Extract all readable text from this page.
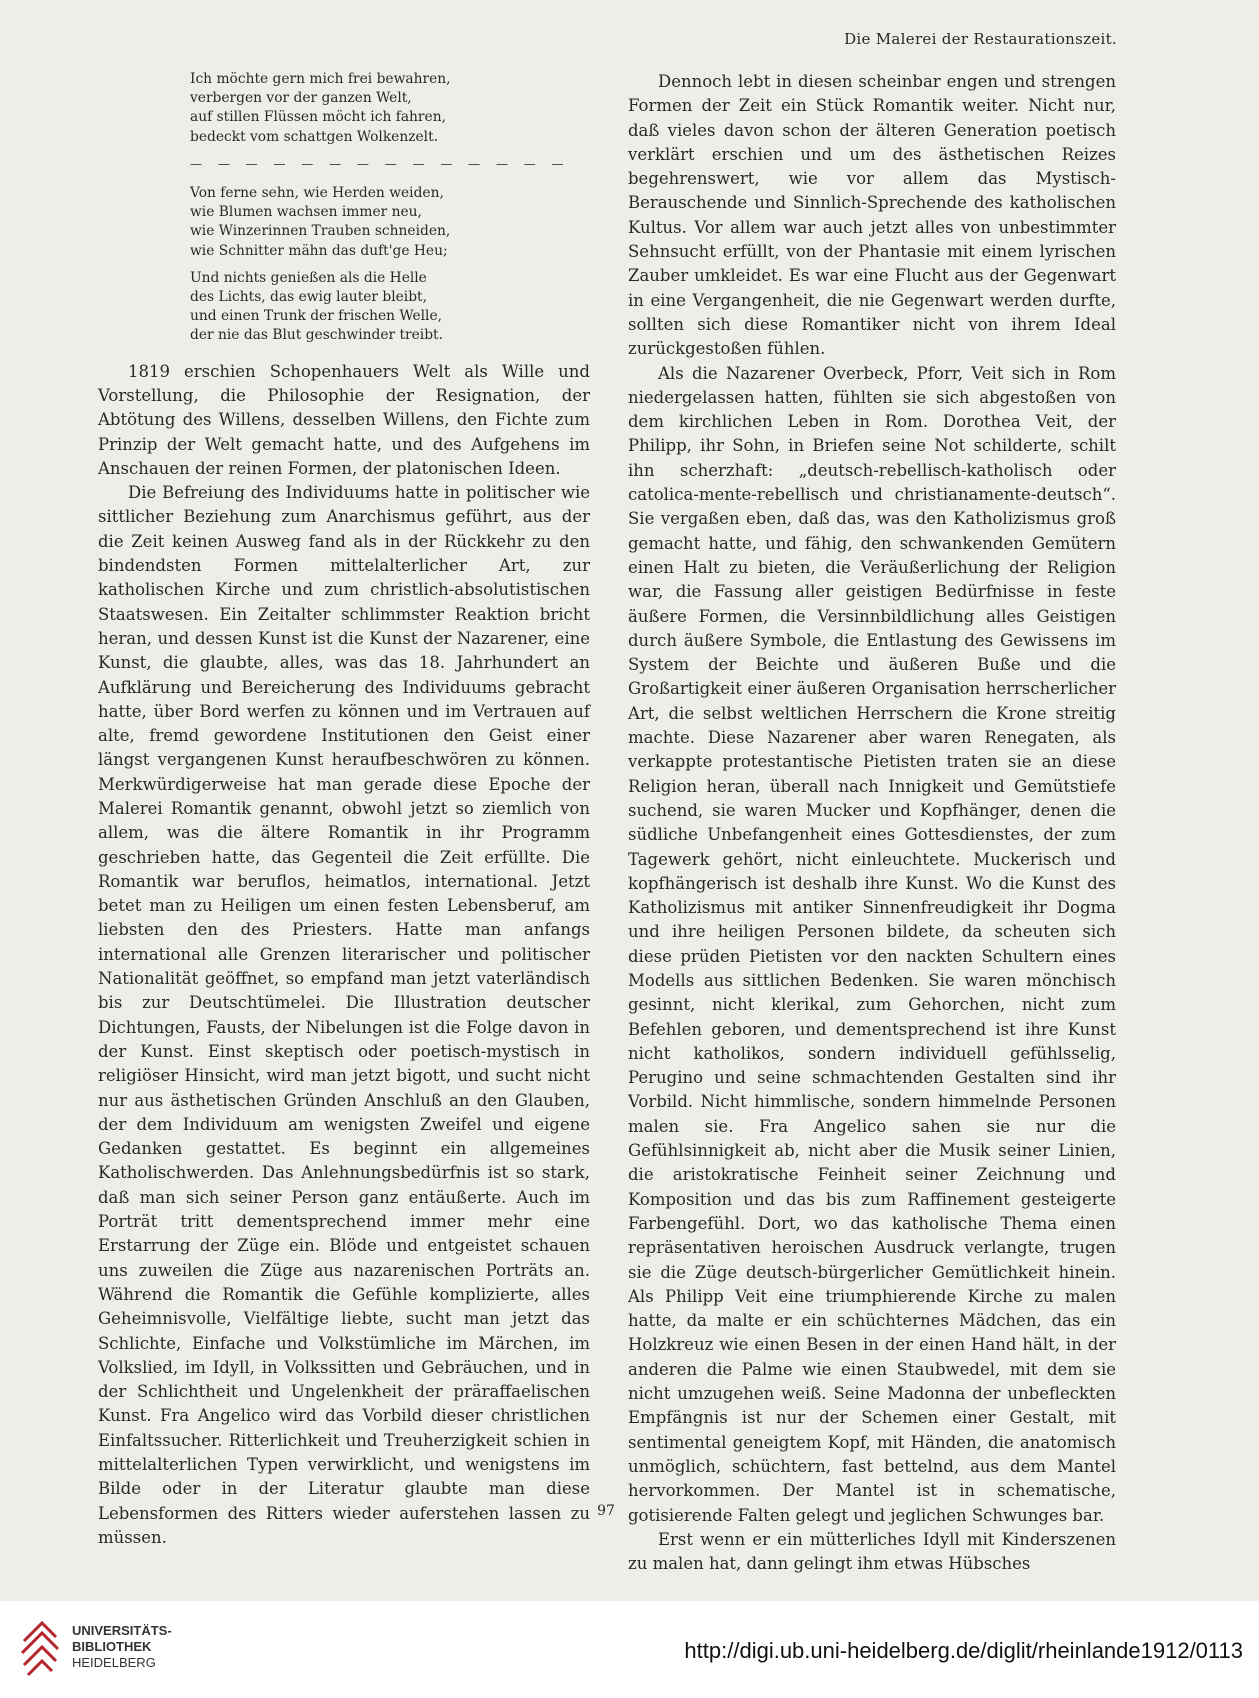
Die Malerei der Restaurationszeit.
Ich möchte gern mich frei bewahren,
verbergen vor der ganzen Welt,
auf stillen Flüssen möcht ich fahren,
bedeckt vom schattgen Wolkenzelt.
— — — — — — — — — — — — — —
Von ferne sehn, wie Herden weiden,
wie Blumen wachsen immer neu,
wie Winzerinnen Trauben schneiden,
wie Schnitter mähn das duft'ge Heu;
Und nichts genießen als die Helle
des Lichts, das ewig lauter bleibt,
und einen Trunk der frischen Welle,
der nie das Blut geschwinder treibt.

1819 erschien Schopenhauers Welt als Wille und Vorstellung, die Philosophie der Resignation, der Abtötung des Willens, desselben Willens, den Fichte zum Prinzip der Welt gemacht hatte, und des Aufgehens im Anschauen der reinen Formen, der platonischen Ideen.

Die Befreiung des Individuums hatte in politischer wie sittlicher Beziehung zum Anarchismus geführt, aus der die Zeit keinen Ausweg fand als in der Rückkehr zu den bindendsten Formen mittelalterlicher Art, zur katholischen Kirche und zum christlich-absolutistischen Staatswesen. Ein Zeitalter schlimmster Reaktion bricht heran, und dessen Kunst ist die Kunst der Nazarener, eine Kunst, die glaubte, alles, was das 18. Jahrhundert an Aufklärung und Bereicherung des Individuums gebracht hatte, über Bord werfen zu können und im Vertrauen auf alte, fremd gewordene Institutionen den Geist einer längst vergangenen Kunst heraufbeschwören zu können. Merkwürdigerweise hat man gerade diese Epoche der Malerei Romantik genannt, obwohl jetzt so ziemlich von allem, was die ältere Romantik in ihr Programm geschrieben hatte, das Gegenteil die Zeit erfüllte. Die Romantik war beruflos, heimatlos, international. Jetzt betet man zu Heiligen um einen festen Lebensberuf, am liebsten den des Priesters. Hatte man anfangs international alle Grenzen literarischer und politischer Nationalität geöffnet, so empfand man jetzt vaterländisch bis zur Deutschtümelei. Die Illustration deutscher Dichtungen, Fausts, der Nibelungen ist die Folge davon in der Kunst. Einst skeptisch oder poetisch-mystisch in religiöser Hinsicht, wird man jetzt bigott, und sucht nicht nur aus ästhetischen Gründen Anschluß an den Glauben, der dem Individuum am wenigsten Zweifel und eigene Gedanken gestattet. Es beginnt ein allgemeines Katholischwerden. Das Anlehnungsbedürfnis ist so stark, daß man sich seiner Person ganz entäußerte. Auch im Porträt tritt dementsprechend immer mehr eine Erstarrung der Züge ein. Blöde und entgeistet schauen uns zuweilen die Züge aus nazarenischen Porträts an. Während die Romantik die Gefühle komplizierte, alles Geheimnisvolle, Vielfältige liebte, sucht man jetzt das Schlichte, Einfache und Volkstümliche im Märchen, im Volkslied, im Idyll, in Volkssitten und Gebräuchen, und in der Schlichtheit und Ungelenkheit der präraffaelischen Kunst. Fra Angelico wird das Vorbild dieser christlichen Einfaltssucher. Ritterlichkeit und Treuherzigkeit schien in mittelalterlichen Typen verwirklicht, und wenigstens im Bilde oder in der Literatur glaubte man diese Lebensformen des Ritters wieder auferstehen lassen zu müssen.

Dennoch lebt in diesen scheinbar engen und strengen Formen der Zeit ein Stück Romantik weiter. Nicht nur, daß vieles davon schon der älteren Generation poetisch verklärt erschien und um des ästhetischen Reizes begehrenswert, wie vor allem das Mystisch-Berauschende und Sinnlich-Sprechende des katholischen Kultus. Vor allem war auch jetzt alles von unbestimmter Sehnsucht erfüllt, von der Phantasie mit einem lyrischen Zauber umkleidet. Es war eine Flucht aus der Gegenwart in eine Vergangenheit, die nie Gegenwart werden durfte, sollten sich diese Romantiker nicht von ihrem Ideal zurückgestoßen fühlen.

Als die Nazarener Overbeck, Pforr, Veit sich in Rom niedergelassen hatten, fühlten sie sich abgestoßen von dem kirchlichen Leben in Rom. Dorothea Veit, der Philipp, ihr Sohn, in Briefen seine Not schilderte, schilt ihn scherzhaft: „deutsch-rebellisch-katholisch oder catolica-mente-rebellisch und christianamente-deutsch“. Sie vergaßen eben, daß das, was den Katholizismus groß gemacht hatte, und fähig, den schwankenden Gemütern einen Halt zu bieten, die Veräußerlichung der Religion war, die Fassung aller geistigen Bedürfnisse in feste äußere Formen, die Versinnbildlichung alles Geistigen durch äußere Symbole, die Entlastung des Gewissens im System der Beichte und äußeren Buße und die Großartigkeit einer äußeren Organisation herrscherlicher Art, die selbst weltlichen Herrschern die Krone streitig machte. Diese Nazarener aber waren Renegaten, als verkappte protestantische Pietisten traten sie an diese Religion heran, überall nach Innigkeit und Gemütstiefe suchend, sie waren Mucker und Kopfhänger, denen die südliche Unbefangenheit eines Gottesdienstes, der zum Tagewerk gehört, nicht einleuchtete. Muckerisch und kopfhängerisch ist deshalb ihre Kunst. Wo die Kunst des Katholizismus mit antiker Sinnenfreudigkeit ihr Dogma und ihre heiligen Personen bildete, da scheuten sich diese prüden Pietisten vor den nackten Schultern eines Modells aus sittlichen Bedenken. Sie waren mönchisch gesinnt, nicht klerikal, zum Gehorchen, nicht zum Befehlen geboren, und dementsprechend ist ihre Kunst nicht katholikos, sondern individuell gefühlsselig, Perugino und seine schmachtenden Gestalten sind ihr Vorbild. Nicht himmlische, sondern himmelnde Personen malen sie. Fra Angelico sahen sie nur die Gefühlsinnigkeit ab, nicht aber die Musik seiner Linien, die aristokratische Feinheit seiner Zeichnung und Komposition und das bis zum Raffinement gesteigerte Farbengefühl. Dort, wo das katholische Thema einen repräsentativen heroischen Ausdruck verlangte, trugen sie die Züge deutsch-bürgerlicher Gemütlichkeit hinein. Als Philipp Veit eine triumphierende Kirche zu malen hatte, da malte er ein schüchternes Mädchen, das ein Holzkreuz wie einen Besen in der einen Hand hält, in der anderen die Palme wie einen Staubwedel, mit dem sie nicht umzugehen weiß. Seine Madonna der unbefleckten Empfängnis ist nur der Schemen einer Gestalt, mit sentimental geneigtem Kopf, mit Händen, die anatomisch unmöglich, schüchtern, fast bettelnd, aus dem Mantel hervorkommen. Der Mantel ist in schematische, gotisierende Falten gelegt und jeglichen Schwunges bar.

Erst wenn er ein mütterliches Idyll mit Kinderszenen zu malen hat, dann gelingt ihm etwas Hübsches

97
UNIVERSITÄTS-
BIBLIOTHEK
HEIDELBERG	http://digi.ub.uni-heidelberg.de/diglit/rheinlande1912/0113
